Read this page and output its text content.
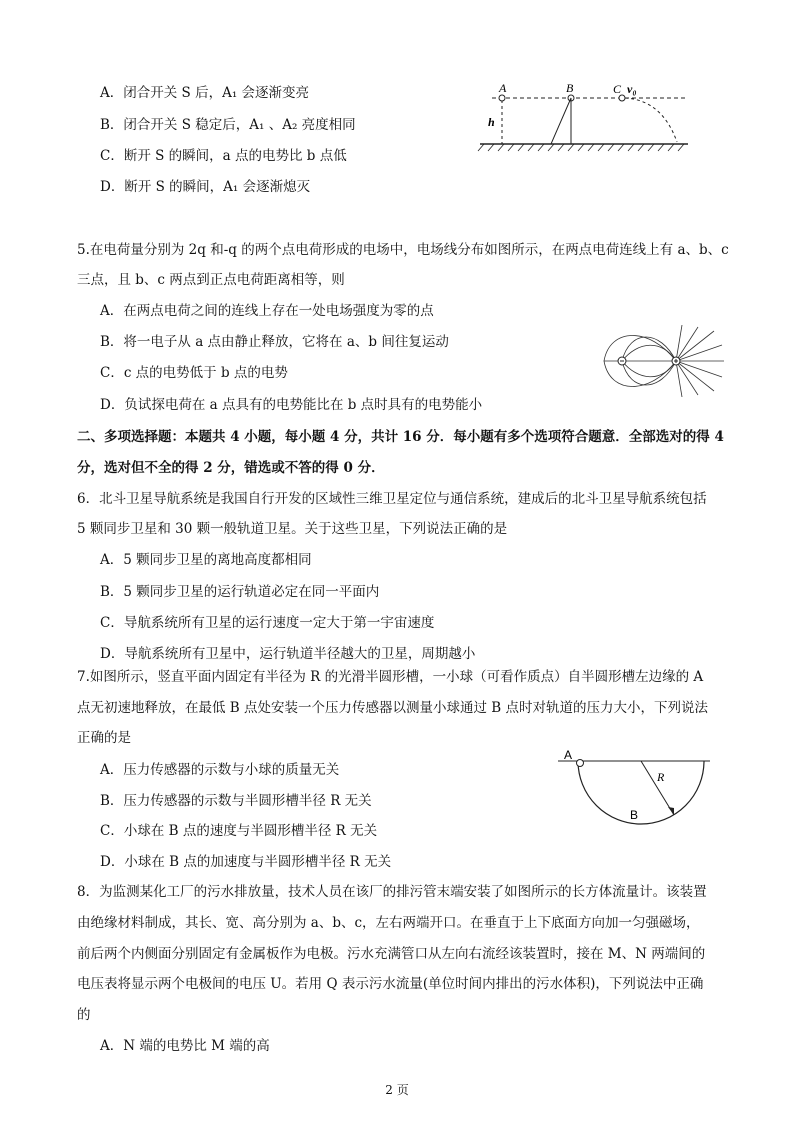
A．闭合开关 S 后，A₁ 会逐渐变亮
B．闭合开关 S 稳定后，A₁ 、A₂ 亮度相同
C．断开 S 的瞬间，a 点的电势比 b 点低
D．断开 S 的瞬间，A₁ 会逐渐熄灭
A	B	C v₀
h
5.在电荷量分别为 2q 和-q 的两个点电荷形成的电场中，电场线分布如图所示，在两点电荷连线上有 a、b、c
三点，且 b、c 两点到正点电荷距离相等，则
A．在两点电荷之间的连线上存在一处电场强度为零的点
B．将一电子从 a 点由静止释放，它将在 a、b 间往复运动
C．c 点的电势低于 b 点的电势
D．负试探电荷在 a 点具有的电势能比在 b 点时具有的电势能小
二、多项选择题：本题共 4 小题，每小题 4 分，共计 16 分．每小题有多个选项符合题意．全部选对的得 4
分，选对但不全的得 2 分，错选或不答的得 0 分．
6．北斗卫星导航系统是我国自行开发的区域性三维卫星定位与通信系统，建成后的北斗卫星导航系统包括
5 颗同步卫星和 30 颗一般轨道卫星。关于这些卫星，下列说法正确的是
A．5 颗同步卫星的离地高度都相同
B．5 颗同步卫星的运行轨道必定在同一平面内
C．导航系统所有卫星的运行速度一定大于第一宇宙速度
D．导航系统所有卫星中，运行轨道半径越大的卫星，周期越小
7.如图所示，竖直平面内固定有半径为 R 的光滑半圆形槽，一小球（可看作质点）自半圆形槽左边缘的 A
点无初速地释放，在最低 B 点处安装一个压力传感器以测量小球通过 B 点时对轨道的压力大小，下列说法
正确的是
A．压力传感器的示数与小球的质量无关
B．压力传感器的示数与半圆形槽半径 R 无关
C．小球在 B 点的速度与半圆形槽半径 R 无关
D．小球在 B 点的加速度与半圆形槽半径 R 无关
A
R
B
8．为监测某化工厂的污水排放量，技术人员在该厂的排污管末端安装了如图所示的长方体流量计。该装置
由绝缘材料制成，其长、宽、高分别为 a、b、c，左右两端开口。在垂直于上下底面方向加一匀强磁场，
前后两个内侧面分别固定有金属板作为电极。污水充满管口从左向右流经该装置时，接在 M、N 两端间的
电压表将显示两个电极间的电压 U。若用 Q 表示污水流量(单位时间内排出的污水体积)，下列说法中正确
的
A．N 端的电势比 M 端的高
2 页
